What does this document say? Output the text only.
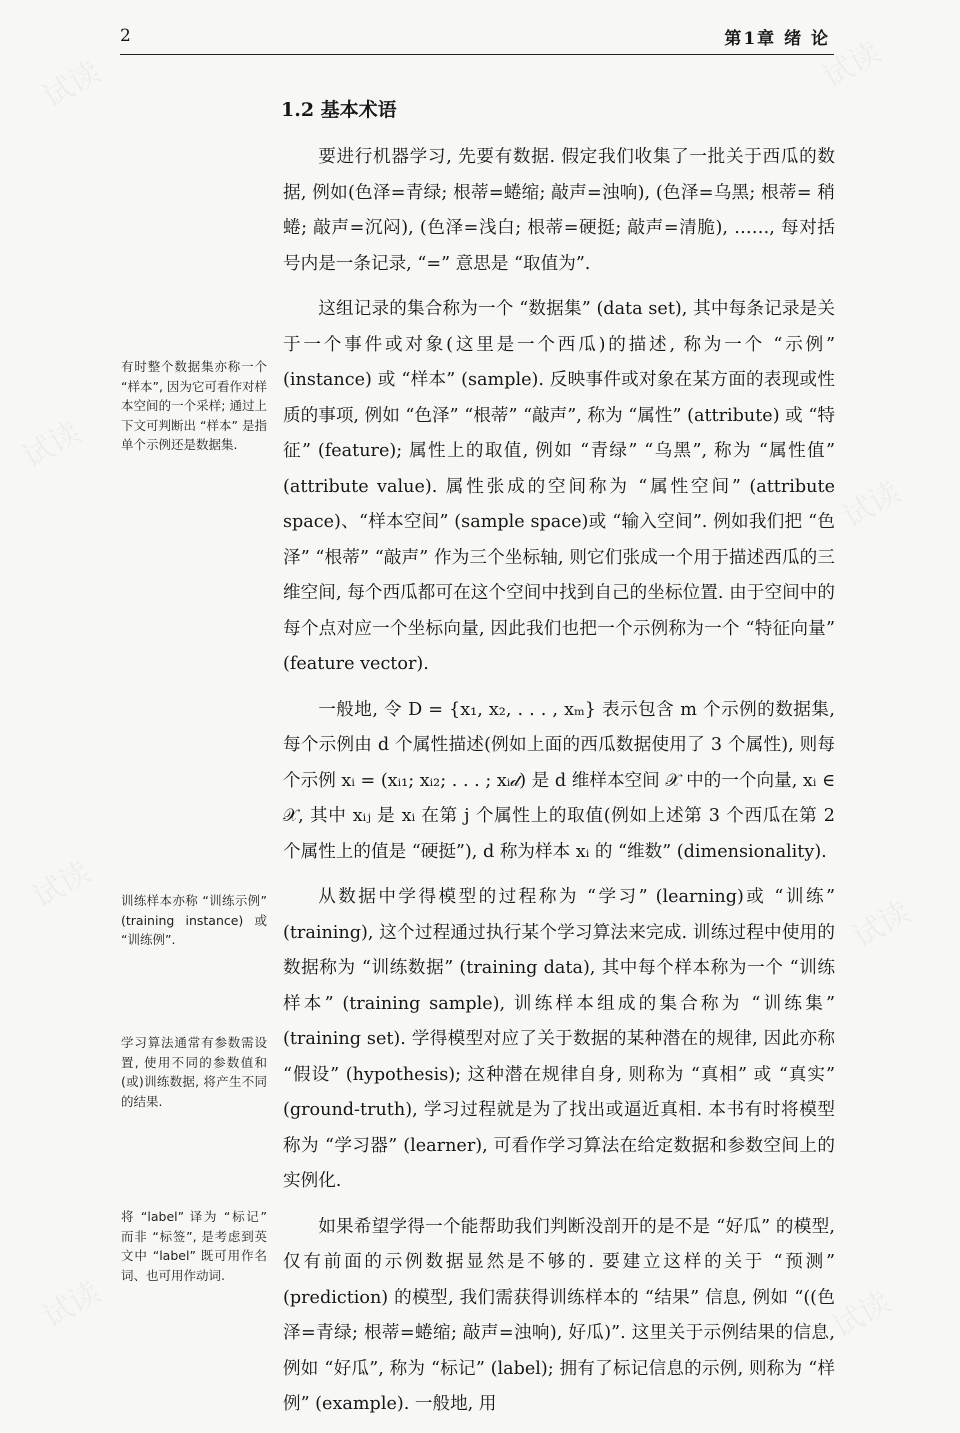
2	第1章 绪 论
1.2 基本术语

要进行机器学习, 先要有数据. 假定我们收集了一批关于西瓜的数据, 例如(色泽=青绿; 根蒂=蜷缩; 敲声=浊响), (色泽=乌黑; 根蒂= 稍蜷; 敲声=沉闷), (色泽=浅白; 根蒂=硬挺; 敲声=清脆), ……, 每对括号内是一条记录, “=” 意思是 “取值为”.

这组记录的集合称为一个 “数据集” (data set), 其中每条记录是关于一个事件或对象(这里是一个西瓜)的描述, 称为一个 “示例” (instance) 或 “样本” (sample). 反映事件或对象在某方面的表现或性质的事项, 例如 “色泽” “根蒂” “敲声”, 称为 “属性” (attribute) 或 “特征” (feature); 属性上的取值, 例如 “青绿” “乌黑”, 称为 “属性值” (attribute value). 属性张成的空间称为 “属性空间” (attribute space)、“样本空间” (sample space)或 “输入空间”. 例如我们把 “色泽” “根蒂” “敲声” 作为三个坐标轴, 则它们张成一个用于描述西瓜的三维空间, 每个西瓜都可在这个空间中找到自己的坐标位置. 由于空间中的每个点对应一个坐标向量, 因此我们也把一个示例称为一个 “特征向量” (feature vector).

一般地, 令 D = {x₁, x₂, . . . , xₘ} 表示包含 m 个示例的数据集, 每个示例由 d 个属性描述(例如上面的西瓜数据使用了 3 个属性), 则每个示例 xᵢ = (xᵢ₁; xᵢ₂; . . . ; xᵢ𝒹) 是 d 维样本空间 𝒳 中的一个向量, xᵢ ∈ 𝒳, 其中 xᵢⱼ 是 xᵢ 在第 j 个属性上的取值(例如上述第 3 个西瓜在第 2 个属性上的值是 “硬挺”), d 称为样本 xᵢ 的 “维数” (dimensionality).

从数据中学得模型的过程称为 “学习” (learning)或 “训练” (training), 这个过程通过执行某个学习算法来完成. 训练过程中使用的数据称为 “训练数据” (training data), 其中每个样本称为一个 “训练样本” (training sample), 训练样本组成的集合称为 “训练集” (training set). 学得模型对应了关于数据的某种潜在的规律, 因此亦称 “假设” (hypothesis); 这种潜在规律自身, 则称为 “真相” 或 “真实” (ground-truth), 学习过程就是为了找出或逼近真相. 本书有时将模型称为 “学习器” (learner), 可看作学习算法在给定数据和参数空间上的实例化.

如果希望学得一个能帮助我们判断没剖开的是不是 “好瓜” 的模型, 仅有前面的示例数据显然是不够的. 要建立这样的关于 “预测” (prediction) 的模型, 我们需获得训练样本的 “结果” 信息, 例如 “((色泽=青绿; 根蒂=蜷缩; 敲声=浊响), 好瓜)”. 这里关于示例结果的信息, 例如 “好瓜”, 称为 “标记” (label); 拥有了标记信息的示例, 则称为 “样例” (example). 一般地, 用

有时整个数据集亦称一个 “样本”, 因为它可看作对样本空间的一个采样; 通过上下文可判断出 “样本” 是指单个示例还是数据集.
训练样本亦称 “训练示例” (training instance) 或 “训练例”.
学习算法通常有参数需设置, 使用不同的参数值和(或)训练数据, 将产生不同的结果.
将 “label” 译为 “标记” 而非 “标签”, 是考虑到英文中 “label” 既可用作名词、也可用作动词.
